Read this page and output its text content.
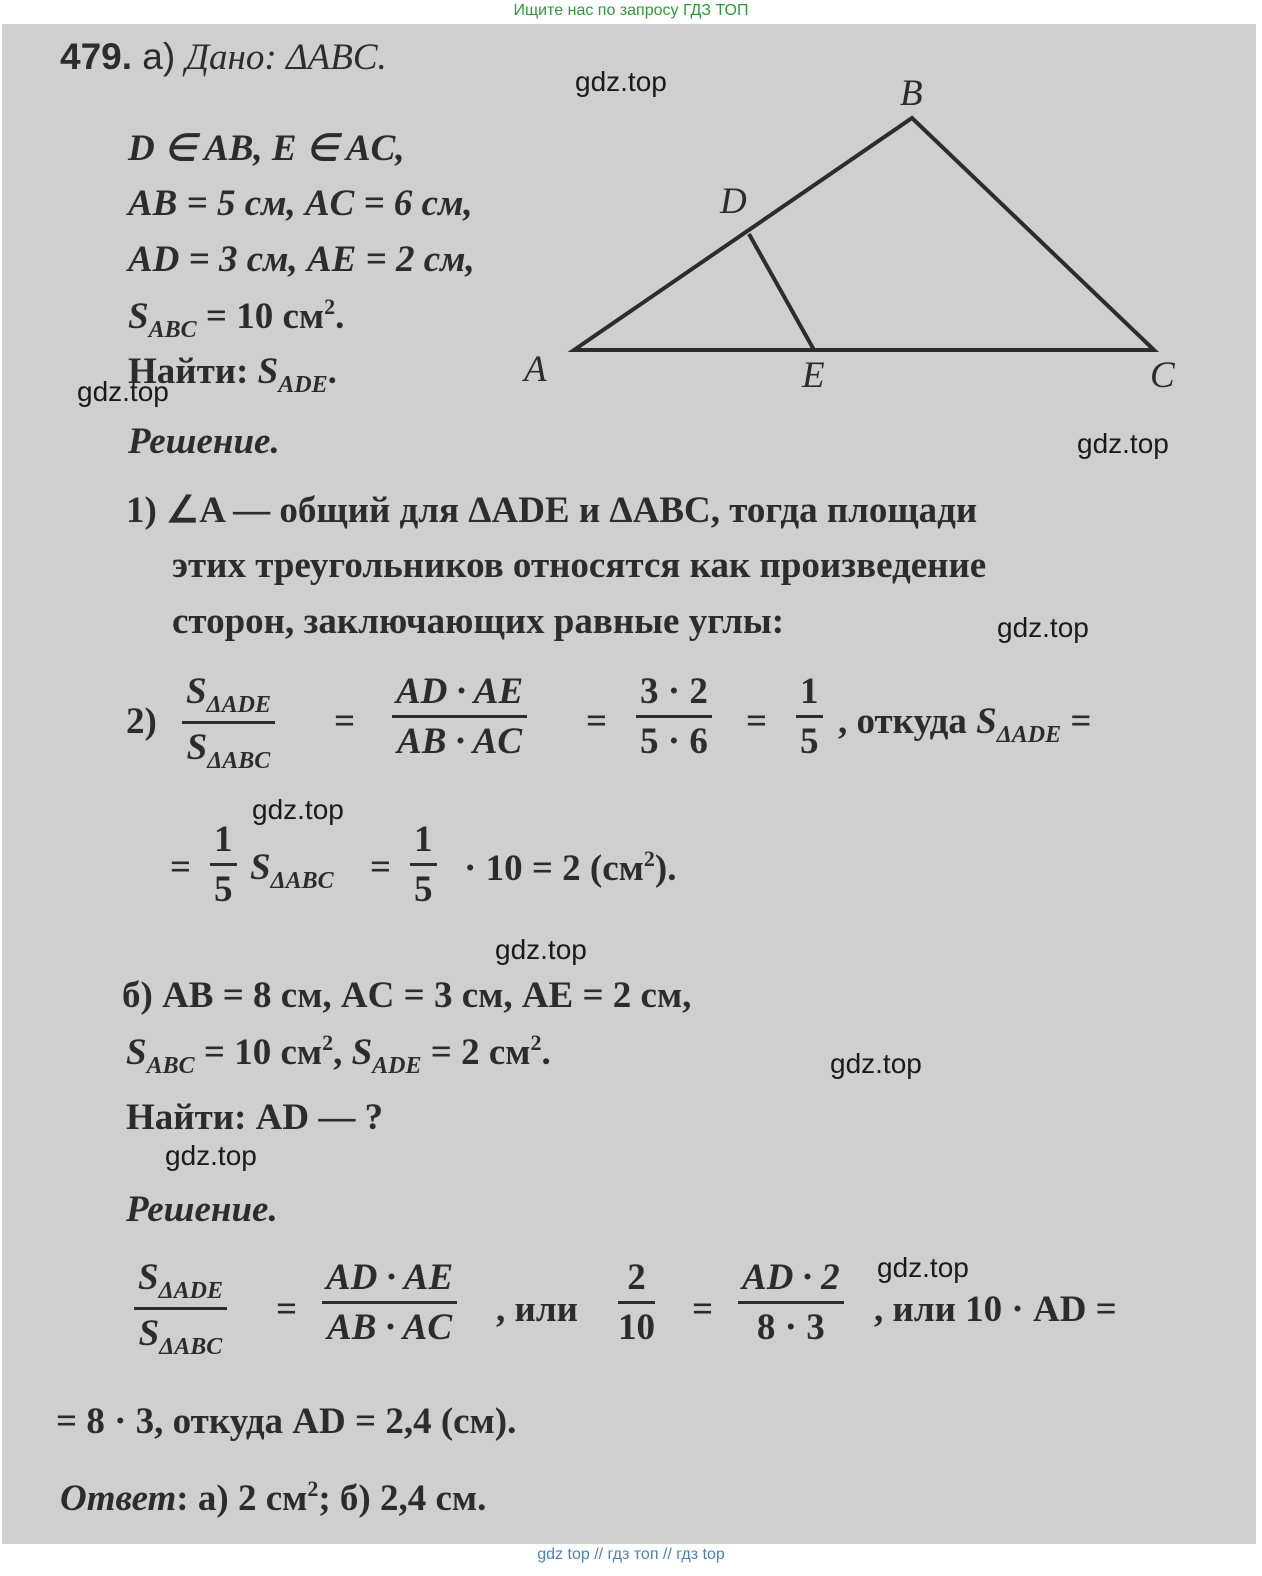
Ищите нас по запросу ГДЗ ТОП
gdz.top
gdz.top
gdz.top
gdz.top
gdz.top
gdz.top
gdz.top
gdz.top
gdz.top
B
D
A	E	C
479. а) Дано: ΔABC.
D ∈ AB, E ∈ AC,
AB = 5 см, AC = 6 см,
AD = 3 см, AE = 2 см,
$S_{ABC} = 10$ $см^2$.
Найти: $S_{ADE}$.
Решение.
1) ∠A — общий для ΔADE и ΔABC, тогда площади
этих треугольников относятся как произведение
сторон, заключающих равные углы:
2)
$S_{\Delta ADE}$
$S_{\Delta ABC}$
= $\frac{AD \cdot AE}{AB \cdot AC} = \frac{3 \cdot 2}{5 \cdot 6} = \frac{1}{5}$ , откуда $S_{\Delta ADE}$ =
= $\frac{1}{5} S_{\Delta ABC} = \frac{1}{5} \cdot 10 = 2$ $(см^2)$.
б) AB = 8 см, AC = 3 см, AE = 2 см,
$S_{ABC} = 10$ $см^2$, $S_{ADE} = 2$ $см^2$.
Найти: AD — ?
Решение.
$S_{\Delta ADE}$
$S_{\Delta ABC}$
= $\frac{AD \cdot AE}{AB \cdot AC}$ , или $\frac{2}{10} = \frac{AD \cdot 2}{8 \cdot 3}$ , или 10 · AD =
= 8 · 3, откуда AD = 2,4 (см).
Ответ: а) 2 $см^2$; б) 2,4 см.
gdz top // гдз топ // гдз top
